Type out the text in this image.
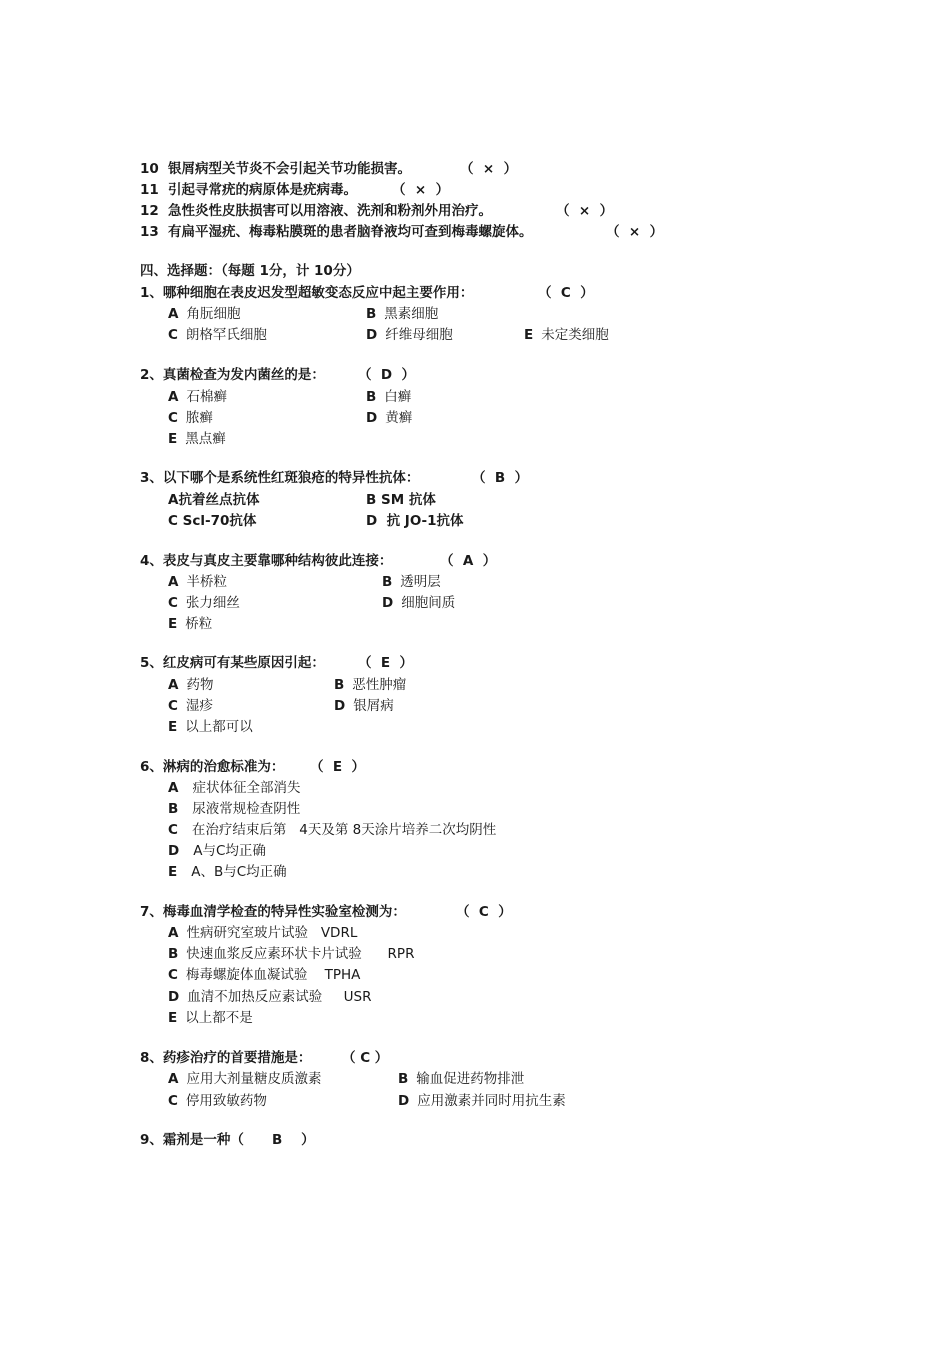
10 银屑病型关节炎不会引起关节功能损害。	（  ×  ）
11 引起寻常疣的病原体是疣病毒。	（  ×  ）
12 急性炎性皮肤损害可以用溶液、洗剂和粉剂外用治疗。	（  ×  ）
13 有扁平湿疣、梅毒粘膜斑的患者脑脊液均可查到梅毒螺旋体。	（  ×  ）
四、选择题：（每题 1分，计 10分）
1、哪种细胞在表皮迟发型超敏变态反应中起主要作用：	（  C  ）
A 角朊细胞	B 黑素细胞
C 朗格罕氏细胞	D 纤维母细胞	E 未定类细胞
2、真菌检查为发内菌丝的是： （  D  ）
A 石棉癣	B 白癣
C 脓癣	D 黄癣
E 黑点癣
3、以下哪个是系统性红斑狼疮的特异性抗体：	（  B  ）
A抗着丝点抗体	B SM 抗体
C Scl-70抗体	D  抗 JO-1抗体
4、表皮与真皮主要靠哪种结构彼此连接：	（  A  ）
A 半桥粒	B 透明层
C 张力细丝	D 细胞间质
E 桥粒
5、红皮病可有某些原因引起： （  E  ）
A 药物	B 恶性肿瘤
C 湿疹	D 银屑病
E 以上都可以
6、淋病的治愈标准为： （  E  ）
A 症状体征全部消失
B 尿液常规检查阴性
C 在治疗结束后第   4天及第 8天涂片培养二次均阴性
D A与C均正确
E A、B与C均正确
7、梅毒血清学检查的特异性实验室检测为：	（  C  ）
A 性病研究室玻片试验   VDRL
B 快速血浆反应素环状卡片试验      RPR
C 梅毒螺旋体血凝试验    TPHA
D 血清不加热反应素试验     USR
E 以上都不是
8、药疹治疗的首要措施是： （ C ）
A 应用大剂量糖皮质激素	B 输血促进药物排泄
C 停用致敏药物	D 应用激素并同时用抗生素
9、霜剂是一种（ B    ）
